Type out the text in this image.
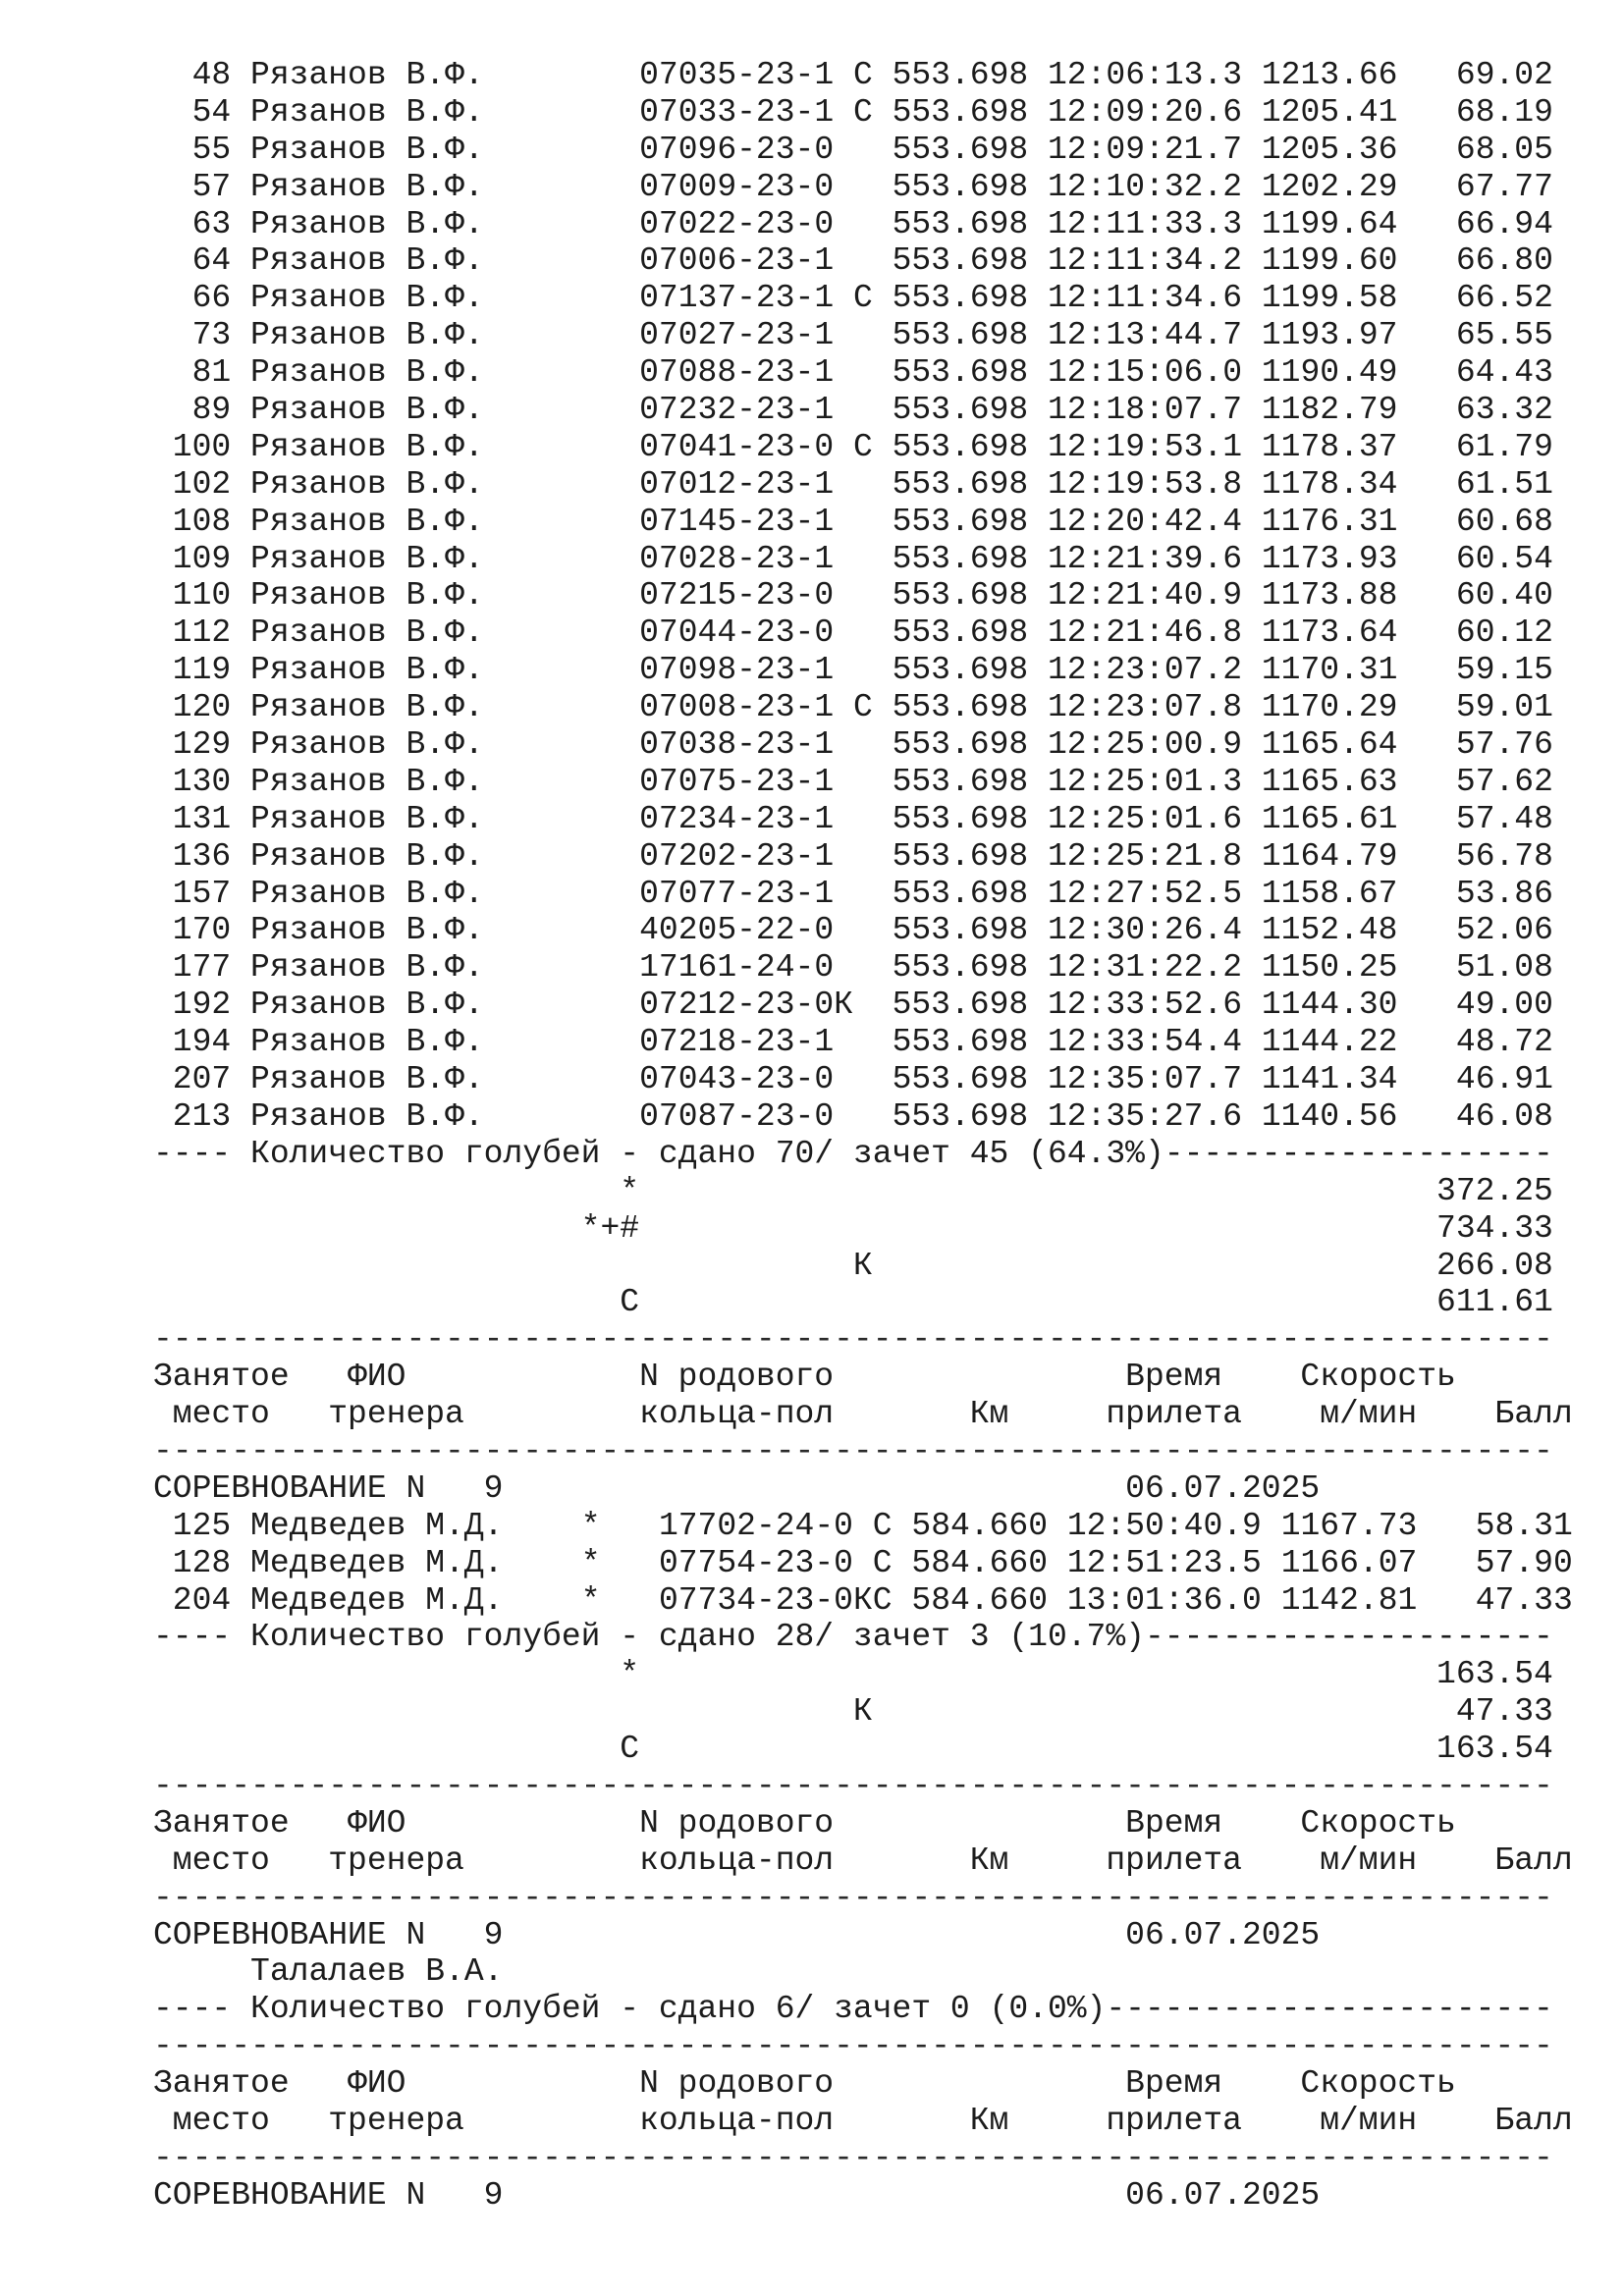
48 Рязанов В.Ф.	07035-23-1 С 553.698 12:06:13.3 1213.66   69.02
54 Рязанов В.Ф.	07033-23-1 С 553.698 12:09:20.6 1205.41   68.19
55 Рязанов В.Ф.	07096-23-0   553.698 12:09:21.7 1205.36   68.05
57 Рязанов В.Ф.	07009-23-0   553.698 12:10:32.2 1202.29   67.77
63 Рязанов В.Ф.	07022-23-0   553.698 12:11:33.3 1199.64   66.94
64 Рязанов В.Ф.	07006-23-1   553.698 12:11:34.2 1199.60   66.80
66 Рязанов В.Ф.	07137-23-1 С 553.698 12:11:34.6 1199.58   66.52
73 Рязанов В.Ф.	07027-23-1   553.698 12:13:44.7 1193.97   65.55
81 Рязанов В.Ф.	07088-23-1   553.698 12:15:06.0 1190.49   64.43
89 Рязанов В.Ф.	07232-23-1   553.698 12:18:07.7 1182.79   63.32
100 Рязанов В.Ф.	07041-23-0 С 553.698 12:19:53.1 1178.37   61.79
102 Рязанов В.Ф.	07012-23-1   553.698 12:19:53.8 1178.34   61.51
108 Рязанов В.Ф.	07145-23-1   553.698 12:20:42.4 1176.31   60.68
109 Рязанов В.Ф.	07028-23-1   553.698 12:21:39.6 1173.93   60.54
110 Рязанов В.Ф.	07215-23-0   553.698 12:21:40.9 1173.88   60.40
112 Рязанов В.Ф.	07044-23-0   553.698 12:21:46.8 1173.64   60.12
119 Рязанов В.Ф.	07098-23-1   553.698 12:23:07.2 1170.31   59.15
120 Рязанов В.Ф.	07008-23-1 С 553.698 12:23:07.8 1170.29   59.01
129 Рязанов В.Ф.	07038-23-1   553.698 12:25:00.9 1165.64   57.76
130 Рязанов В.Ф.	07075-23-1   553.698 12:25:01.3 1165.63   57.62
131 Рязанов В.Ф.	07234-23-1   553.698 12:25:01.6 1165.61   57.48
136 Рязанов В.Ф.	07202-23-1   553.698 12:25:21.8 1164.79   56.78
157 Рязанов В.Ф.	07077-23-1   553.698 12:27:52.5 1158.67   53.86
170 Рязанов В.Ф.	40205-22-0   553.698 12:30:26.4 1152.48   52.06
177 Рязанов В.Ф.	17161-24-0   553.698 12:31:22.2 1150.25   51.08
192 Рязанов В.Ф.	07212-23-0К  553.698 12:33:52.6 1144.30   49.00
194 Рязанов В.Ф.	07218-23-1   553.698 12:33:54.4 1144.22   48.72
207 Рязанов В.Ф.	07043-23-0   553.698 12:35:07.7 1141.34   46.91
213 Рязанов В.Ф.	07087-23-0   553.698 12:35:27.6 1140.56   46.08
---- Количество голубей - сдано 70/ зачет 45 (64.3%)--------------------
*	372.25
*+#	734.33
К	266.08
С	611.61
------------------------------------------------------------------------
Занятое   ФИО            N родового               Время    Скорость
место   тренера         кольца-пол       Км     прилета    м/мин    Балл
------------------------------------------------------------------------
СОРЕВНОВАНИЕ N   9	06.07.2025
125 Медведев М.Д.    * 17702-24-0 С 584.660 12:50:40.9 1167.73   58.31
128 Медведев М.Д.    * 07754-23-0 С 584.660 12:51:23.5 1166.07   57.90
204 Медведев М.Д.    * 07734-23-0КС 584.660 13:01:36.0 1142.81   47.33
---- Количество голубей - сдано 28/ зачет 3 (10.7%)---------------------
*	163.54
К	47.33
С	163.54
------------------------------------------------------------------------
Занятое   ФИО            N родового               Время    Скорость
место   тренера         кольца-пол       Км     прилета    м/мин    Балл
------------------------------------------------------------------------
СОРЕВНОВАНИЕ N   9	06.07.2025
Талалаев В.А.
---- Количество голубей - сдано 6/ зачет 0 (0.0%)-----------------------
------------------------------------------------------------------------
Занятое   ФИО            N родового               Время    Скорость
место   тренера         кольца-пол       Км     прилета    м/мин    Балл
------------------------------------------------------------------------
СОРЕВНОВАНИЕ N   9	06.07.2025
